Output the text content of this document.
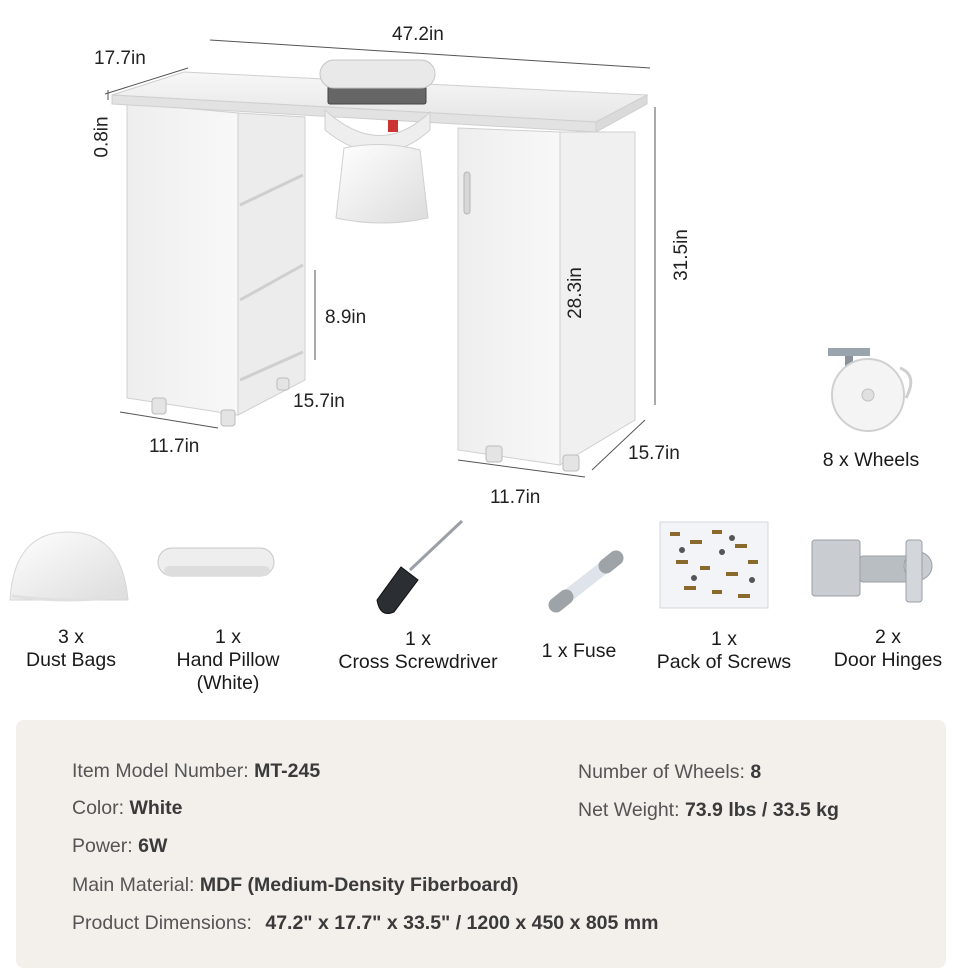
47.2in
17.7in
0.8in
31.5in
28.3in
8.9in
15.7in
11.7in	15.7in
11.7in
8 x Wheels
3 x
Dust Bags
1 x
Hand Pillow
(White)
1 x
Cross Screwdriver	1 x Fuse
1 x
Pack of Screws
2 x
Door Hinges
Item Model Number: MT-245
Color: White
Power: 6W
Main Material: MDF (Medium-Density Fiberboard)
Product Dimensions: 47.2" x 17.7" x 33.5" / 1200 x 450 x 805 mm
Number of Wheels: 8
Net Weight: 73.9 lbs / 33.5 kg
